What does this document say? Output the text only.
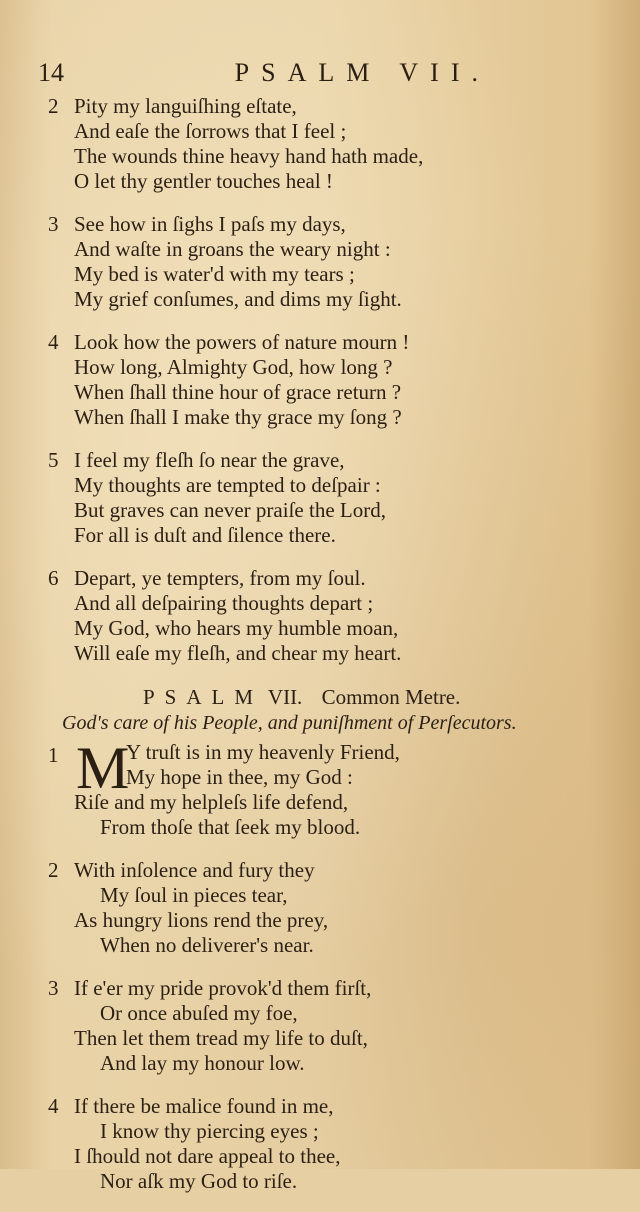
14	PSALM VII.
2 Pity my languiſhing eſtate,
And eaſe the ſorrows that I feel ;
The wounds thine heavy hand hath made,
O let thy gentler touches heal !
3 See how in ſighs I paſs my days,
And waſte in groans the weary night :
My bed is water'd with my tears ;
My grief conſumes, and dims my ſight.
4 Look how the powers of nature mourn !
How long, Almighty God, how long ?
When ſhall thine hour of grace return ?
When ſhall I make thy grace my ſong ?
5 I feel my fleſh ſo near the grave,
My thoughts are tempted to deſpair :
But graves can never praiſe the Lord,
For all is duſt and ſilence there.
6 Depart, ye tempters, from my ſoul.
And all deſpairing thoughts depart ;
My God, who hears my humble moan,
Will eaſe my fleſh, and chear my heart.
PSALM VII. Common Metre.
God's care of his People, and puniſhment of Perſecutors.
1 M
Y truſt is in my heavenly Friend,
My hope in thee, my God :
Riſe and my helpleſs life defend,
From thoſe that ſeek my blood.
2 With inſolence and fury they
My ſoul in pieces tear,
As hungry lions rend the prey,
When no deliverer's near.
3 If e'er my pride provok'd them firſt,
Or once abuſed my foe,
Then let them tread my life to duſt,
And lay my honour low.
4 If there be malice found in me,
I know thy piercing eyes ;
I ſhould not dare appeal to thee,
Nor aſk my God to riſe.
